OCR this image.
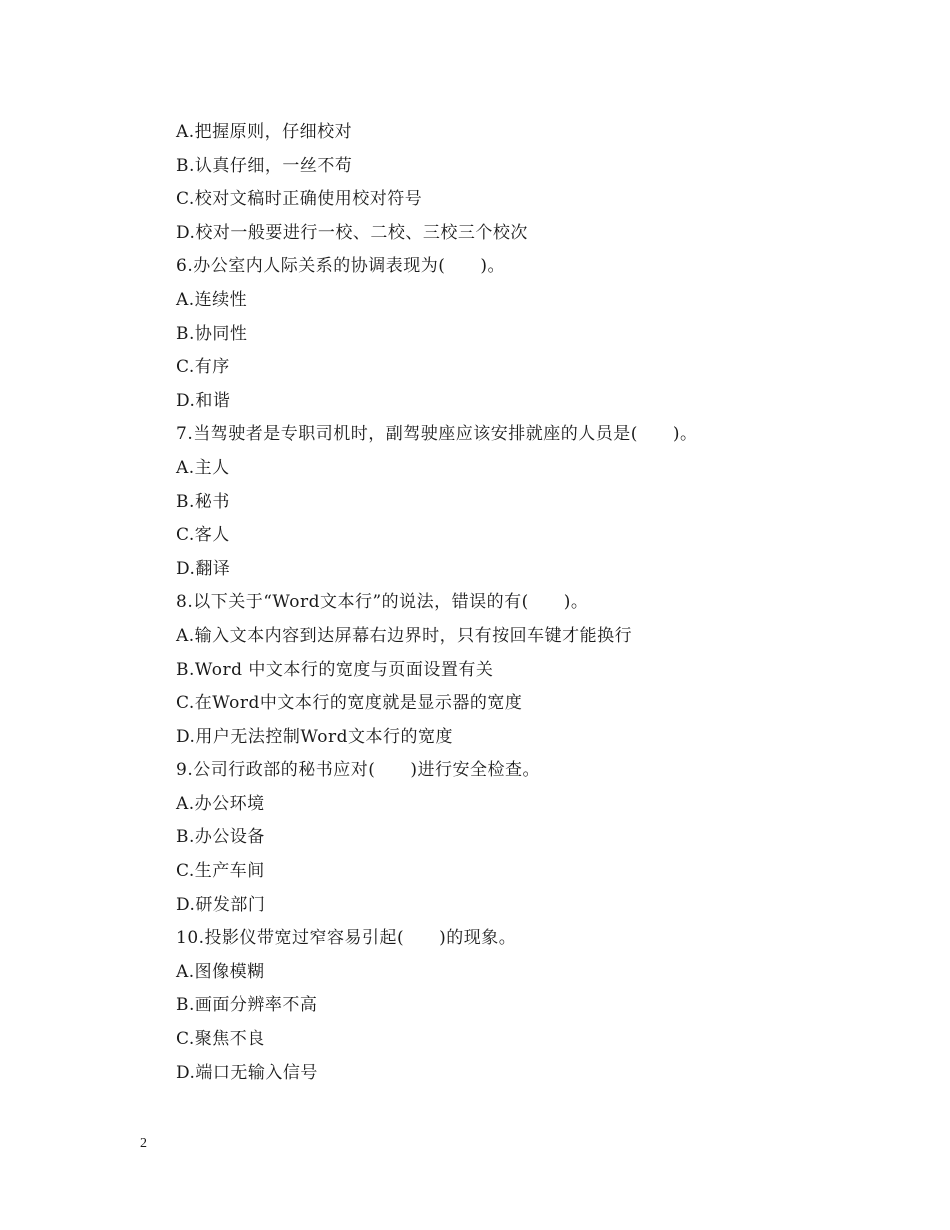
A.把握原则，仔细校对
B.认真仔细，一丝不苟
C.校对文稿时正确使用校对符号
D.校对一般要进行一校、二校、三校三个校次
6.办公室内人际关系的协调表现为(　　)。
A.连续性
B.协同性
C.有序
D.和谐
7.当驾驶者是专职司机时，副驾驶座应该安排就座的人员是(　　)。
A.主人
B.秘书
C.客人
D.翻译
8.以下关于“Word文本行”的说法，错误的有(　　)。
A.输入文本内容到达屏幕右边界时，只有按回车键才能换行
B.Word 中文本行的宽度与页面设置有关
C.在Word中文本行的宽度就是显示器的宽度
D.用户无法控制Word文本行的宽度
9.公司行政部的秘书应对(　　)进行安全检查。
A.办公环境
B.办公设备
C.生产车间
D.研发部门
10.投影仪带宽过窄容易引起(　　)的现象。
A.图像模糊
B.画面分辨率不高
C.聚焦不良
D.端口无输入信号
2
